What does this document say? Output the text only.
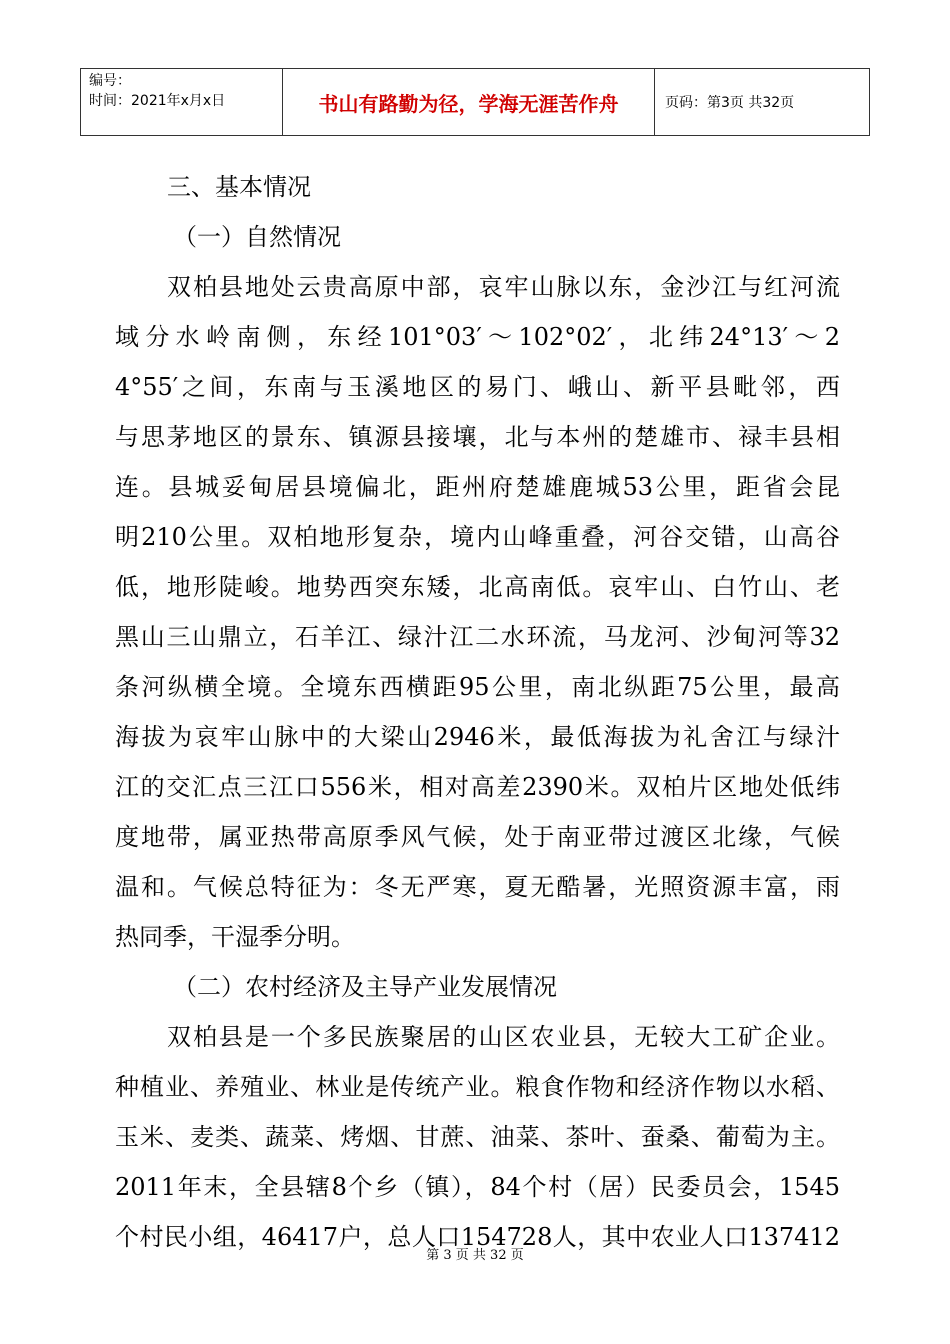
编号：
时间：2021年x月x日	书山有路勤为径，学海无涯苦作舟	页码：第3页 共32页
三、基本情况
（一）自然情况
双柏县地处云贵高原中部，哀牢山脉以东，金沙江与红河流
域分水岭南侧，东经101°03′～102°02′，北纬24°13′～2
4°55′之间，东南与玉溪地区的易门、峨山、新平县毗邻，西
与思茅地区的景东、镇源县接壤，北与本州的楚雄市、禄丰县相
连。县城妥甸居县境偏北，距州府楚雄鹿城53公里，距省会昆
明210公里。双柏地形复杂，境内山峰重叠，河谷交错，山高谷
低，地形陡峻。地势西突东矮，北高南低。哀牢山、白竹山、老
黑山三山鼎立，石羊江、绿汁江二水环流，马龙河、沙甸河等32
条河纵横全境。全境东西横距95公里，南北纵距75公里，最高
海拔为哀牢山脉中的大梁山2946米，最低海拔为礼舍江与绿汁
江的交汇点三江口556米，相对高差2390米。双柏片区地处低纬
度地带，属亚热带高原季风气候，处于南亚带过渡区北缘，气候
温和。气候总特征为：冬无严寒，夏无酷暑，光照资源丰富，雨
热同季，干湿季分明。
（二）农村经济及主导产业发展情况
双柏县是一个多民族聚居的山区农业县，无较大工矿企业。
种植业、养殖业、林业是传统产业。粮食作物和经济作物以水稻、
玉米、麦类、蔬菜、烤烟、甘蔗、油菜、茶叶、蚕桑、葡萄为主。
2011年末，全县辖8个乡（镇），84个村（居）民委员会，1545
个村民小组，46417户，总人口154728人，其中农业人口137412
第 3 页 共 32 页
